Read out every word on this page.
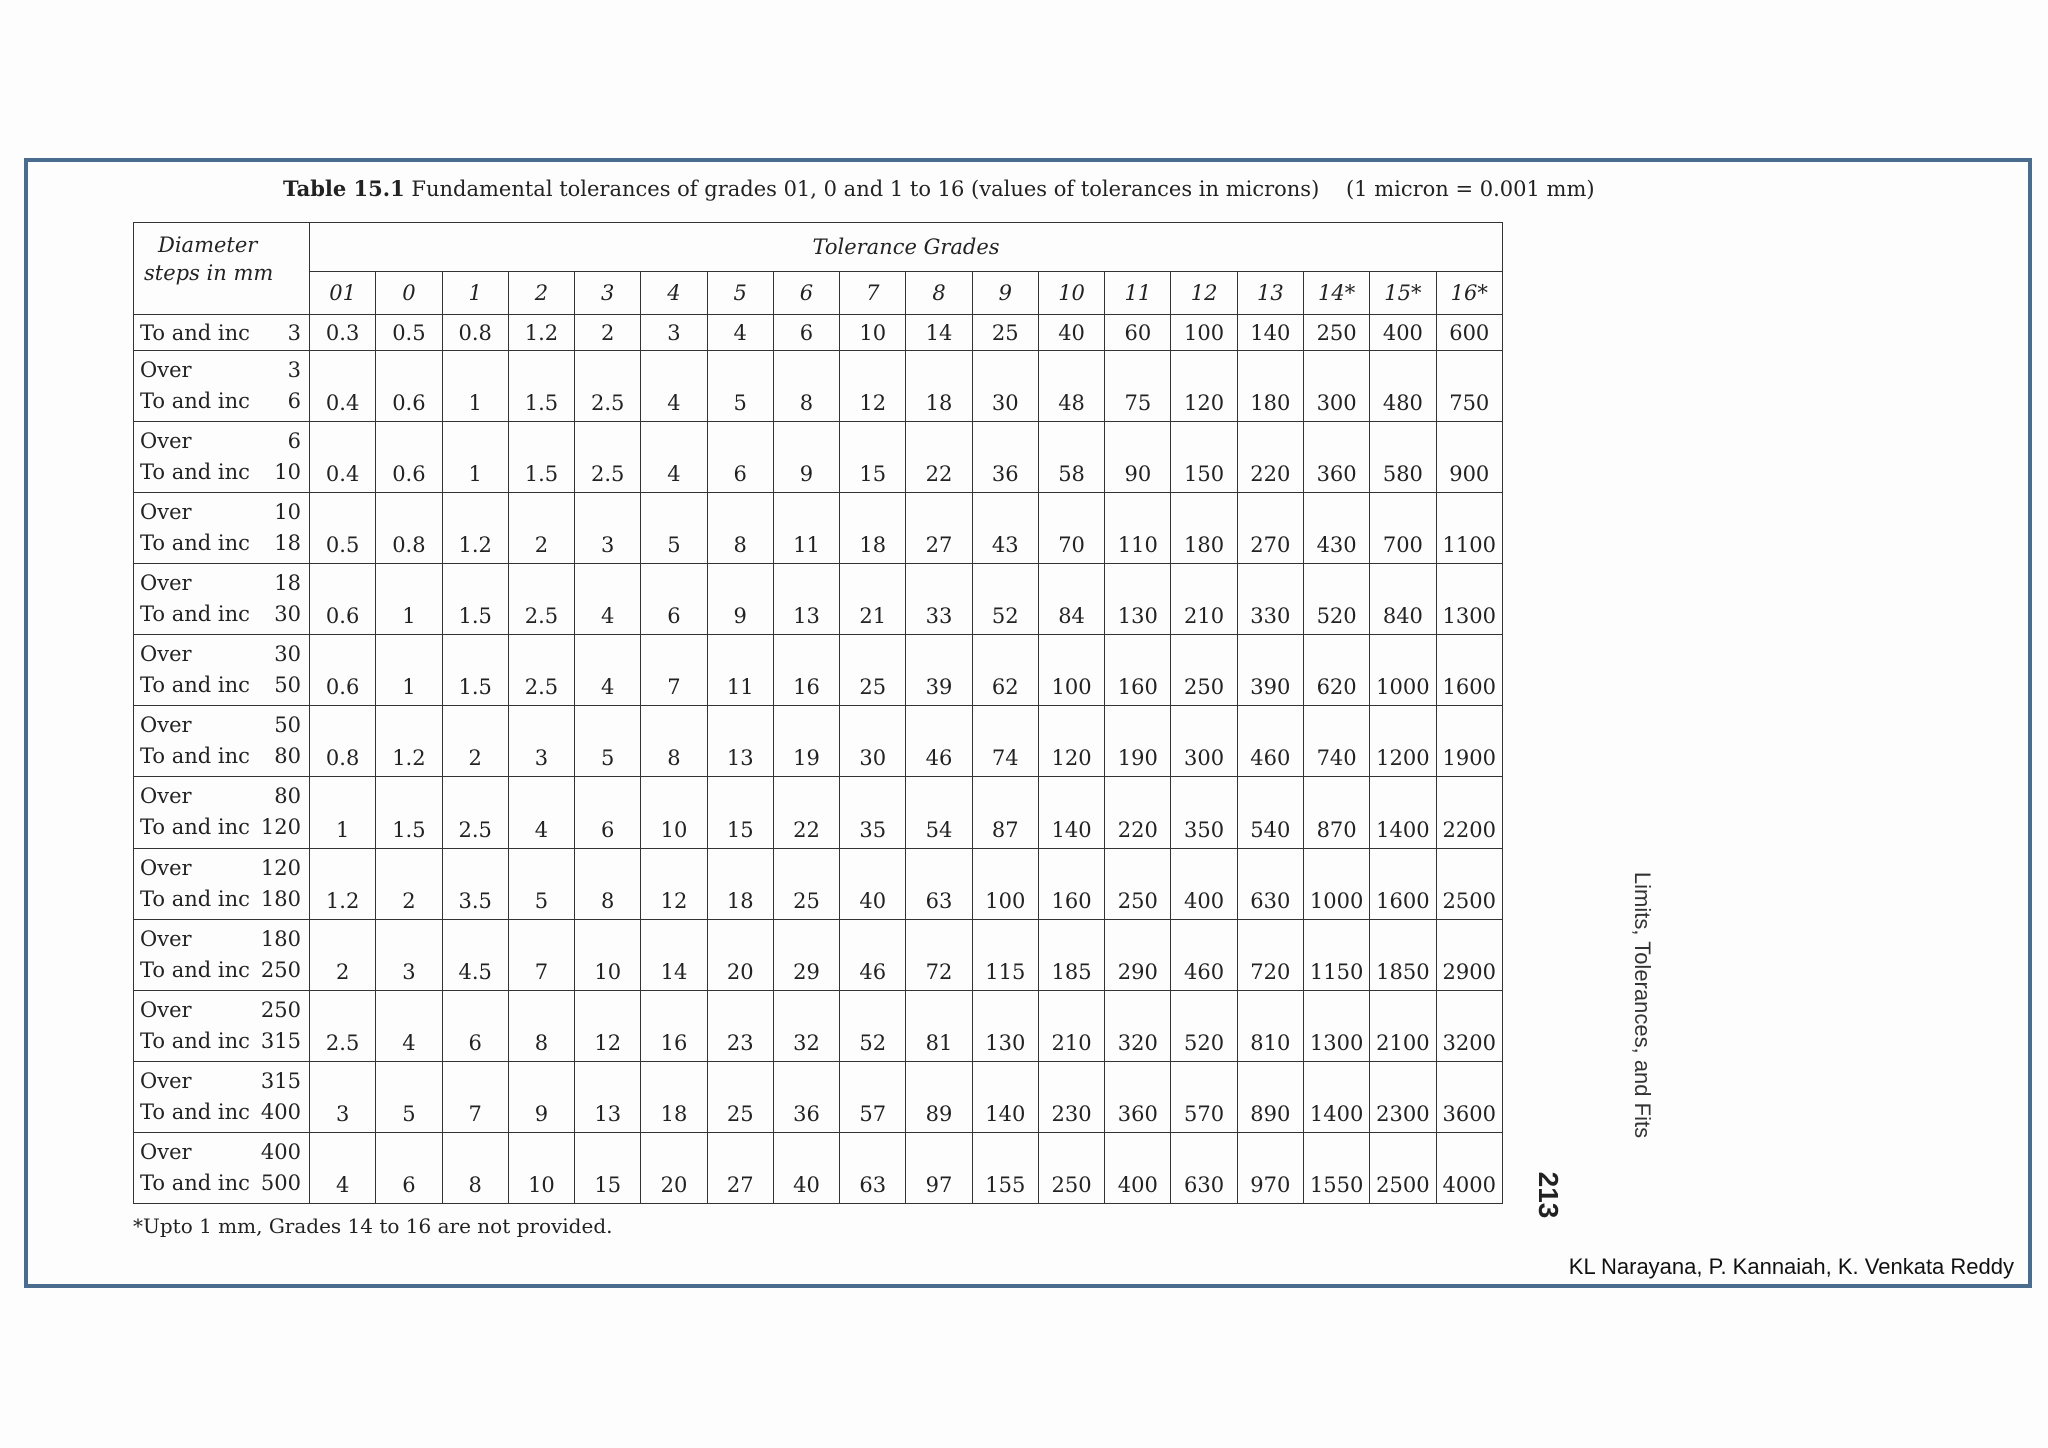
Table 15.1 Fundamental tolerances of grades 01, 0 and 1 to 16 (values of tolerances in microns) (1 micron = 0.001 mm)
Diameter
steps in mm	Tolerance Grades																	
	01	0	1	2	3	4	5	6	7	8	9	10	11	12	13	14*	15*	16*

To and inc 3	0.3	0.5	0.8	1.2	2	3	4	6	10	14	25	40	60	100	140	250	400	600

Over 3
To and inc 6	0.4	0.6	1	1.5	2.5	4	5	8	12	18	30	48	75	120	180	300	480	750

Over 6
To and inc 10	0.4	0.6	1	1.5	2.5	4	6	9	15	22	36	58	90	150	220	360	580	900

Over 10
To and inc 18	0.5	0.8	1.2	2	3	5	8	11	18	27	43	70	110	180	270	430	700	1100

Over 18
To and inc 30	0.6	1	1.5	2.5	4	6	9	13	21	33	52	84	130	210	330	520	840	1300

Over 30
To and inc 50	0.6	1	1.5	2.5	4	7	11	16	25	39	62	100	160	250	390	620	1000	1600

Over 50
To and inc 80	0.8	1.2	2	3	5	8	13	19	30	46	74	120	190	300	460	740	1200	1900

Over 80
To and inc 120	1	1.5	2.5	4	6	10	15	22	35	54	87	140	220	350	540	870	1400	2200

Over 120
To and inc 180	1.2	2	3.5	5	8	12	18	25	40	63	100	160	250	400	630	1000	1600	2500

Over 180
To and inc 250	2	3	4.5	7	10	14	20	29	46	72	115	185	290	460	720	1150	1850	2900

Over 250
To and inc 315	2.5	4	6	8	12	16	23	32	52	81	130	210	320	520	810	1300	2100	3200

Over 315
To and inc 400	3	5	7	9	13	18	25	36	57	89	140	230	360	570	890	1400	2300	3600

Over 400
To and inc 500	4	6	8	10	15	20	27	40	63	97	155	250	400	630	970	1550	2500	4000
*Upto 1 mm, Grades 14 to 16 are not provided.
Limits, Tolerances, and Fits
213
KL Narayana, P. Kannaiah, K. Venkata Reddy
